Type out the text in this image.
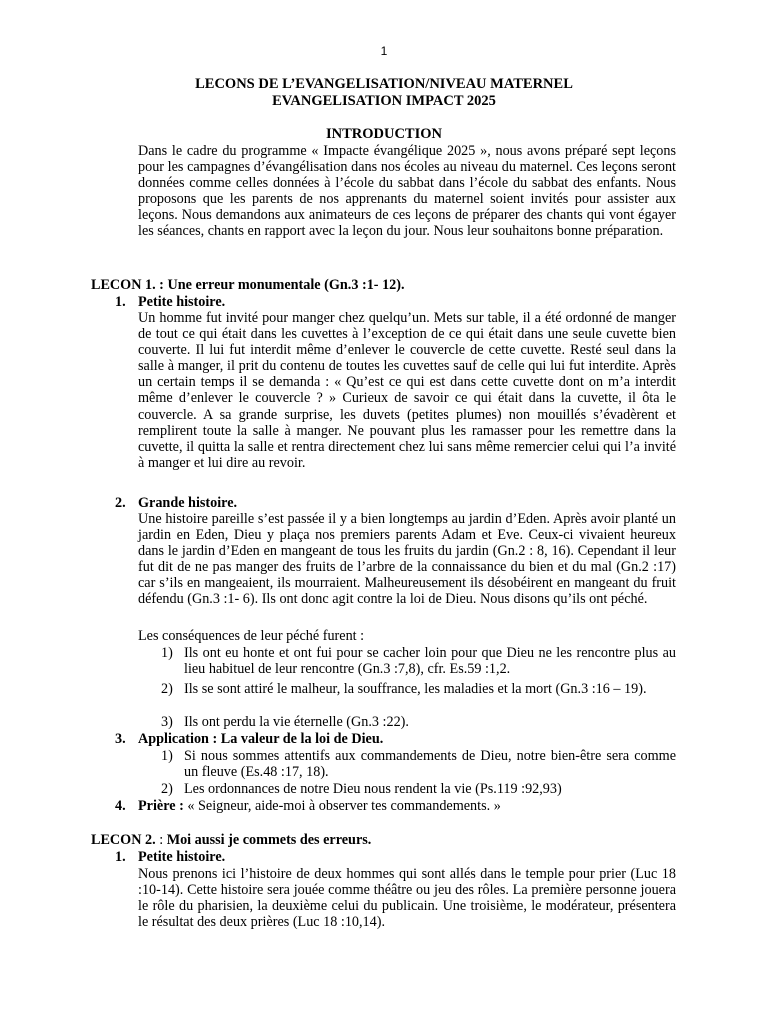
1
LECONS DE L’EVANGELISATION/NIVEAU MATERNEL
EVANGELISATION IMPACT 2025
INTRODUCTION
Dans le cadre du programme « Impacte évangélique 2025 », nous avons préparé sept leçons pour les campagnes d’évangélisation dans nos écoles au niveau du maternel. Ces leçons seront données comme celles données à l’école du sabbat dans l’école du sabbat des enfants. Nous proposons que les parents de nos apprenants du maternel soient invités pour assister aux leçons. Nous demandons aux animateurs de ces leçons de préparer des chants qui vont égayer les séances, chants en rapport avec la leçon du jour. Nous leur souhaitons bonne préparation.
LECON 1. : Une erreur monumentale (Gn.3 :1- 12).
1. Petite histoire.
Un homme fut invité pour manger chez quelqu’un. Mets sur table, il a été ordonné de manger de tout ce qui était dans les cuvettes à l’exception de ce qui était dans une seule cuvette bien couverte. Il lui fut interdit même d’enlever le couvercle de cette cuvette. Resté seul dans la salle à manger, il prit du contenu de toutes les cuvettes sauf de celle qui lui fut interdite. Après un certain temps il se demanda : « Qu’est ce qui est dans cette cuvette dont on m’a interdit même d’enlever le couvercle ? » Curieux de savoir ce qui était dans la cuvette, il ôta le couvercle. A sa grande surprise, les duvets (petites plumes) non mouillés s’évadèrent et remplirent toute la salle à manger. Ne pouvant plus les ramasser pour les remettre dans la cuvette, il quitta la salle et rentra directement chez lui sans même remercier celui qui l’a invité à manger et lui dire au revoir.
2. Grande histoire.
Une histoire pareille s’est passée il y a bien longtemps au jardin d’Eden. Après avoir planté un jardin en Eden, Dieu y plaça nos premiers parents Adam et Eve. Ceux-ci vivaient heureux dans le jardin d’Eden en mangeant de tous les fruits du jardin (Gn.2 : 8, 16). Cependant il leur fut dit de ne pas manger des fruits de l’arbre de la connaissance du bien et du mal (Gn.2 :17) car s’ils en mangeaient, ils mourraient. Malheureusement ils désobéirent en mangeant du fruit défendu (Gn.3 :1- 6). Ils ont donc agit contre la loi de Dieu. Nous disons qu’ils ont péché.
Les conséquences de leur péché furent :
1) Ils ont eu honte et ont fui pour se cacher loin pour que Dieu ne les rencontre plus au lieu habituel de leur rencontre (Gn.3 :7,8), cfr. Es.59 :1,2.
2) Ils se sont attiré le malheur, la souffrance, les maladies et la mort (Gn.3 :16 – 19).
3) Ils ont perdu la vie éternelle (Gn.3 :22).
3. Application : La valeur de la loi de Dieu.
1) Si nous sommes attentifs aux commandements de Dieu, notre bien-être sera comme un fleuve (Es.48 :17, 18).
2) Les ordonnances de notre Dieu nous rendent la vie (Ps.119 :92,93)
4. Prière : « Seigneur, aide-moi à observer tes commandements. »
LECON 2. : Moi aussi je commets des erreurs.
1. Petite histoire.
Nous prenons ici l’histoire de deux hommes qui sont allés dans le temple pour prier (Luc 18 :10-14). Cette histoire sera jouée comme théâtre ou jeu des rôles. La première personne jouera le rôle du pharisien, la deuxième celui du publicain. Une troisième, le modérateur, présentera le résultat des deux prières (Luc 18 :10,14).
